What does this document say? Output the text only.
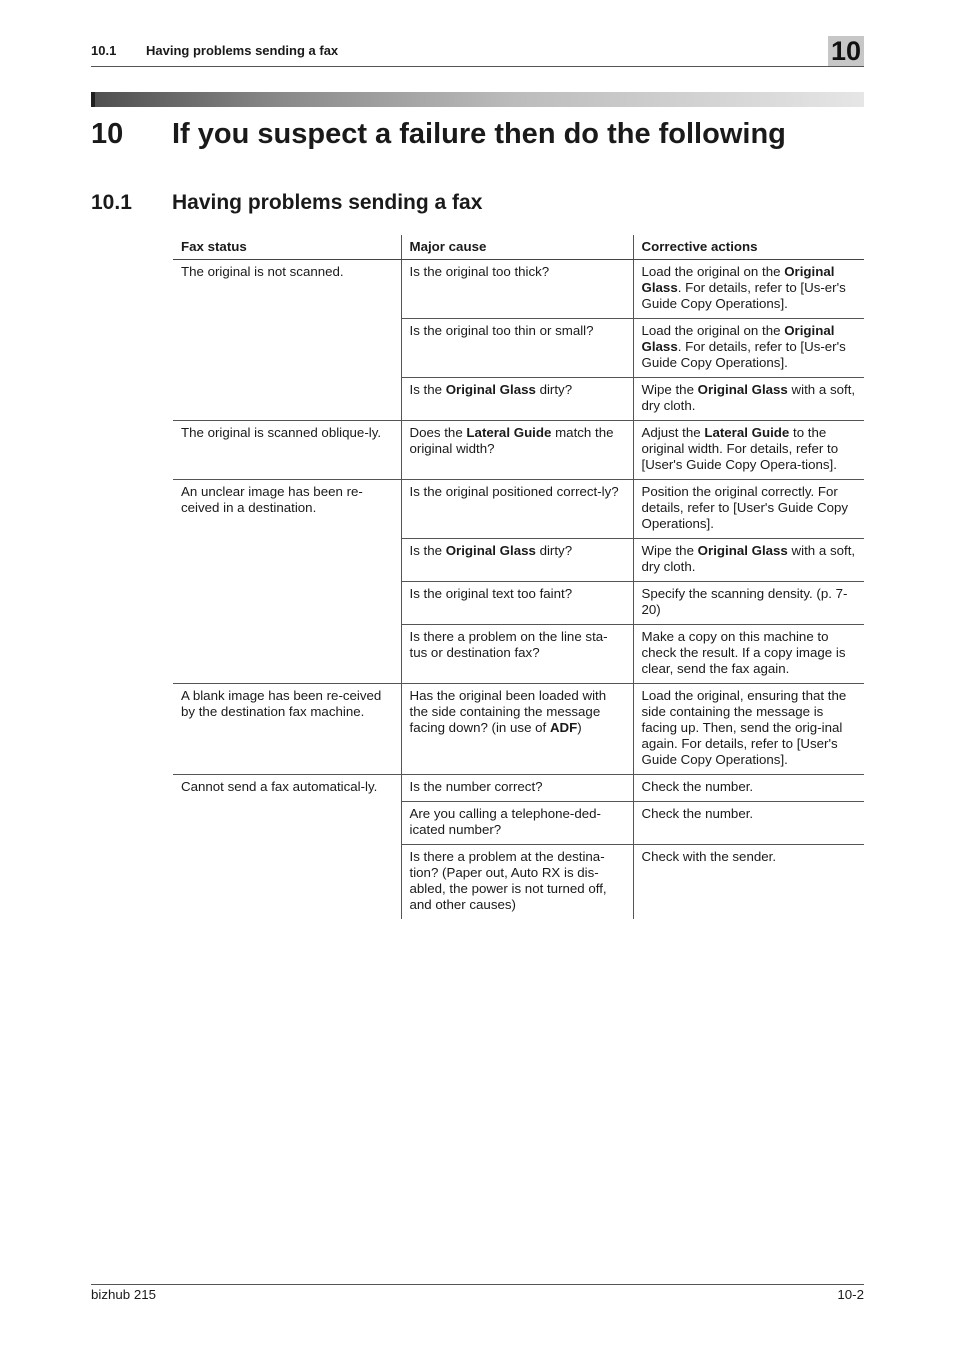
10.1 Having problems sending a fax	10
10 If you suspect a failure then do the following
10.1 Having problems sending a fax
Fax status	Major cause	Corrective actions
The original is not scanned.	Is the original too thick?	Load the original on the Original Glass. For details, refer to [Us-er's Guide Copy Operations].
	Is the original too thin or small?	Load the original on the Original Glass. For details, refer to [Us-er's Guide Copy Operations].
	Is the Original Glass dirty?	Wipe the Original Glass with a soft, dry cloth.
The original is scanned oblique-ly.	Does the Lateral Guide match the original width?	Adjust the Lateral Guide to the original width. For details, refer to [User's Guide Copy Opera-tions].
An unclear image has been re-ceived in a destination.	Is the original positioned correct-ly?	Position the original correctly. For details, refer to [User's Guide Copy Operations].
	Is the Original Glass dirty?	Wipe the Original Glass with a soft, dry cloth.
	Is the original text too faint?	Specify the scanning density. (p. 7-20)
	Is there a problem on the line sta-tus or destination fax?	Make a copy on this machine to check the result. If a copy image is clear, send the fax again.
A blank image has been re-ceived by the destination fax machine.	Has the original been loaded with the side containing the message facing down? (in use of ADF)	Load the original, ensuring that the side containing the message is facing up. Then, send the orig-inal again. For details, refer to [User's Guide Copy Operations].
Cannot send a fax automatical-ly.	Is the number correct?	Check the number.
	Are you calling a telephone-ded-icated number?	Check the number.
	Is there a problem at the destina-tion? (Paper out, Auto RX is dis-abled, the power is not turned off, and other causes)	Check with the sender.
bizhub 215	10-2
